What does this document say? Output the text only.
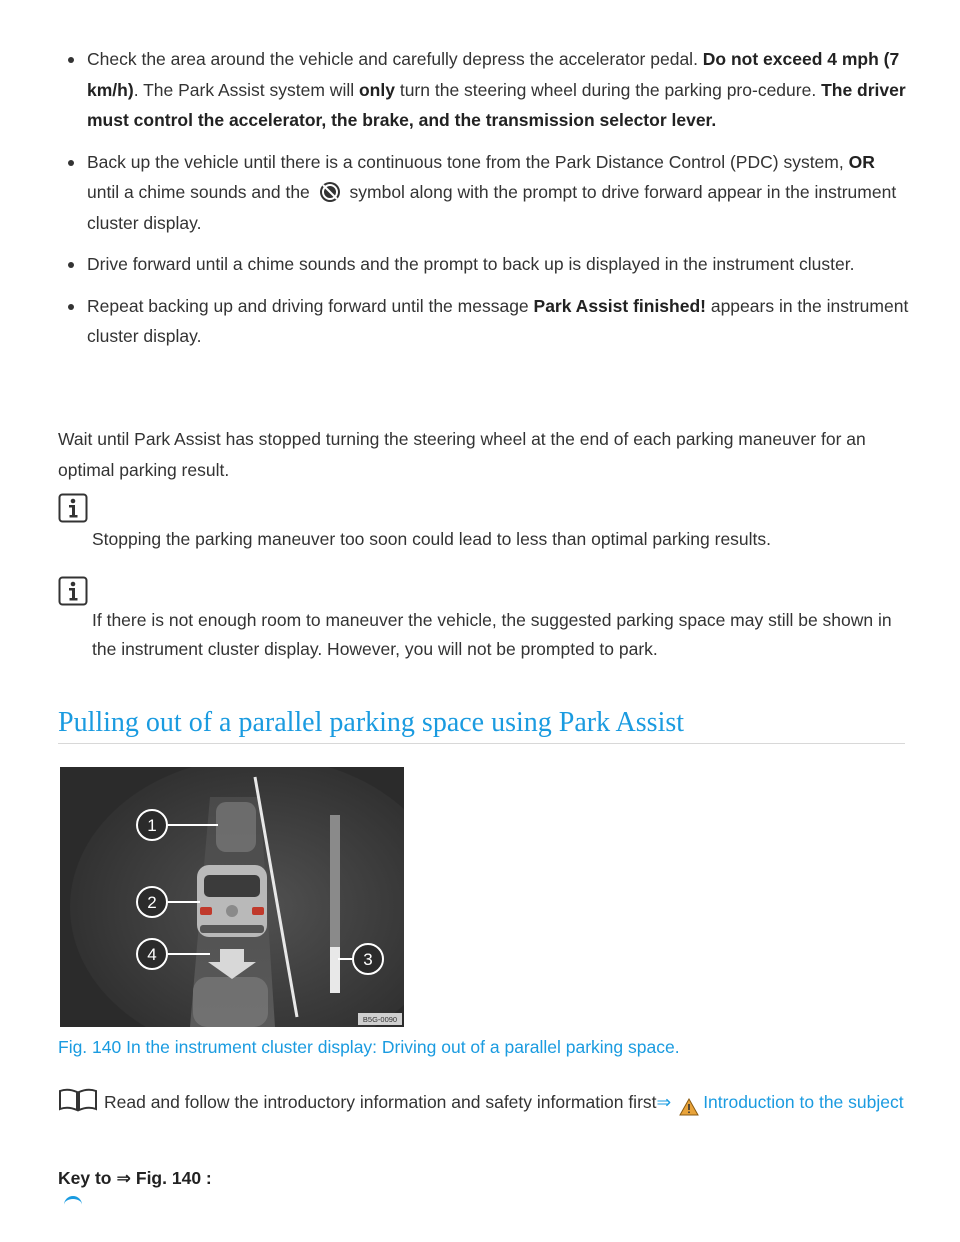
Check the area around the vehicle and carefully depress the accelerator pedal. Do not exceed 4 mph (7 km/h). The Park Assist system will only turn the steering wheel during the parking pro-cedure. The driver must control the accelerator, the brake, and the transmission selector lever.
Back up the vehicle until there is a continuous tone from the Park Distance Control (PDC) system, OR until a chime sounds and the  symbol along with the prompt to drive forward appear in the instrument cluster display.
Drive forward until a chime sounds and the prompt to back up is displayed in the instrument cluster.
Repeat backing up and driving forward until the message Park Assist finished! appears in the instrument cluster display.

Wait until Park Assist has stopped turning the steering wheel at the end of each parking maneuver for an optimal parking result.

Stopping the parking maneuver too soon could lead to less than optimal parking results.

If there is not enough room to maneuver the vehicle, the suggested parking space may still be shown in the instrument cluster display. However, you will not be prompted to park.

Pulling out of a parallel parking space using Park Assist
1
2
3
4
B5G-0090

Fig. 140 In the instrument cluster display: Driving out of a parallel parking space.

Read and follow the introductory information and safety information first⇒ Introduction to the subject

Key to ⇒ Fig. 140 :
